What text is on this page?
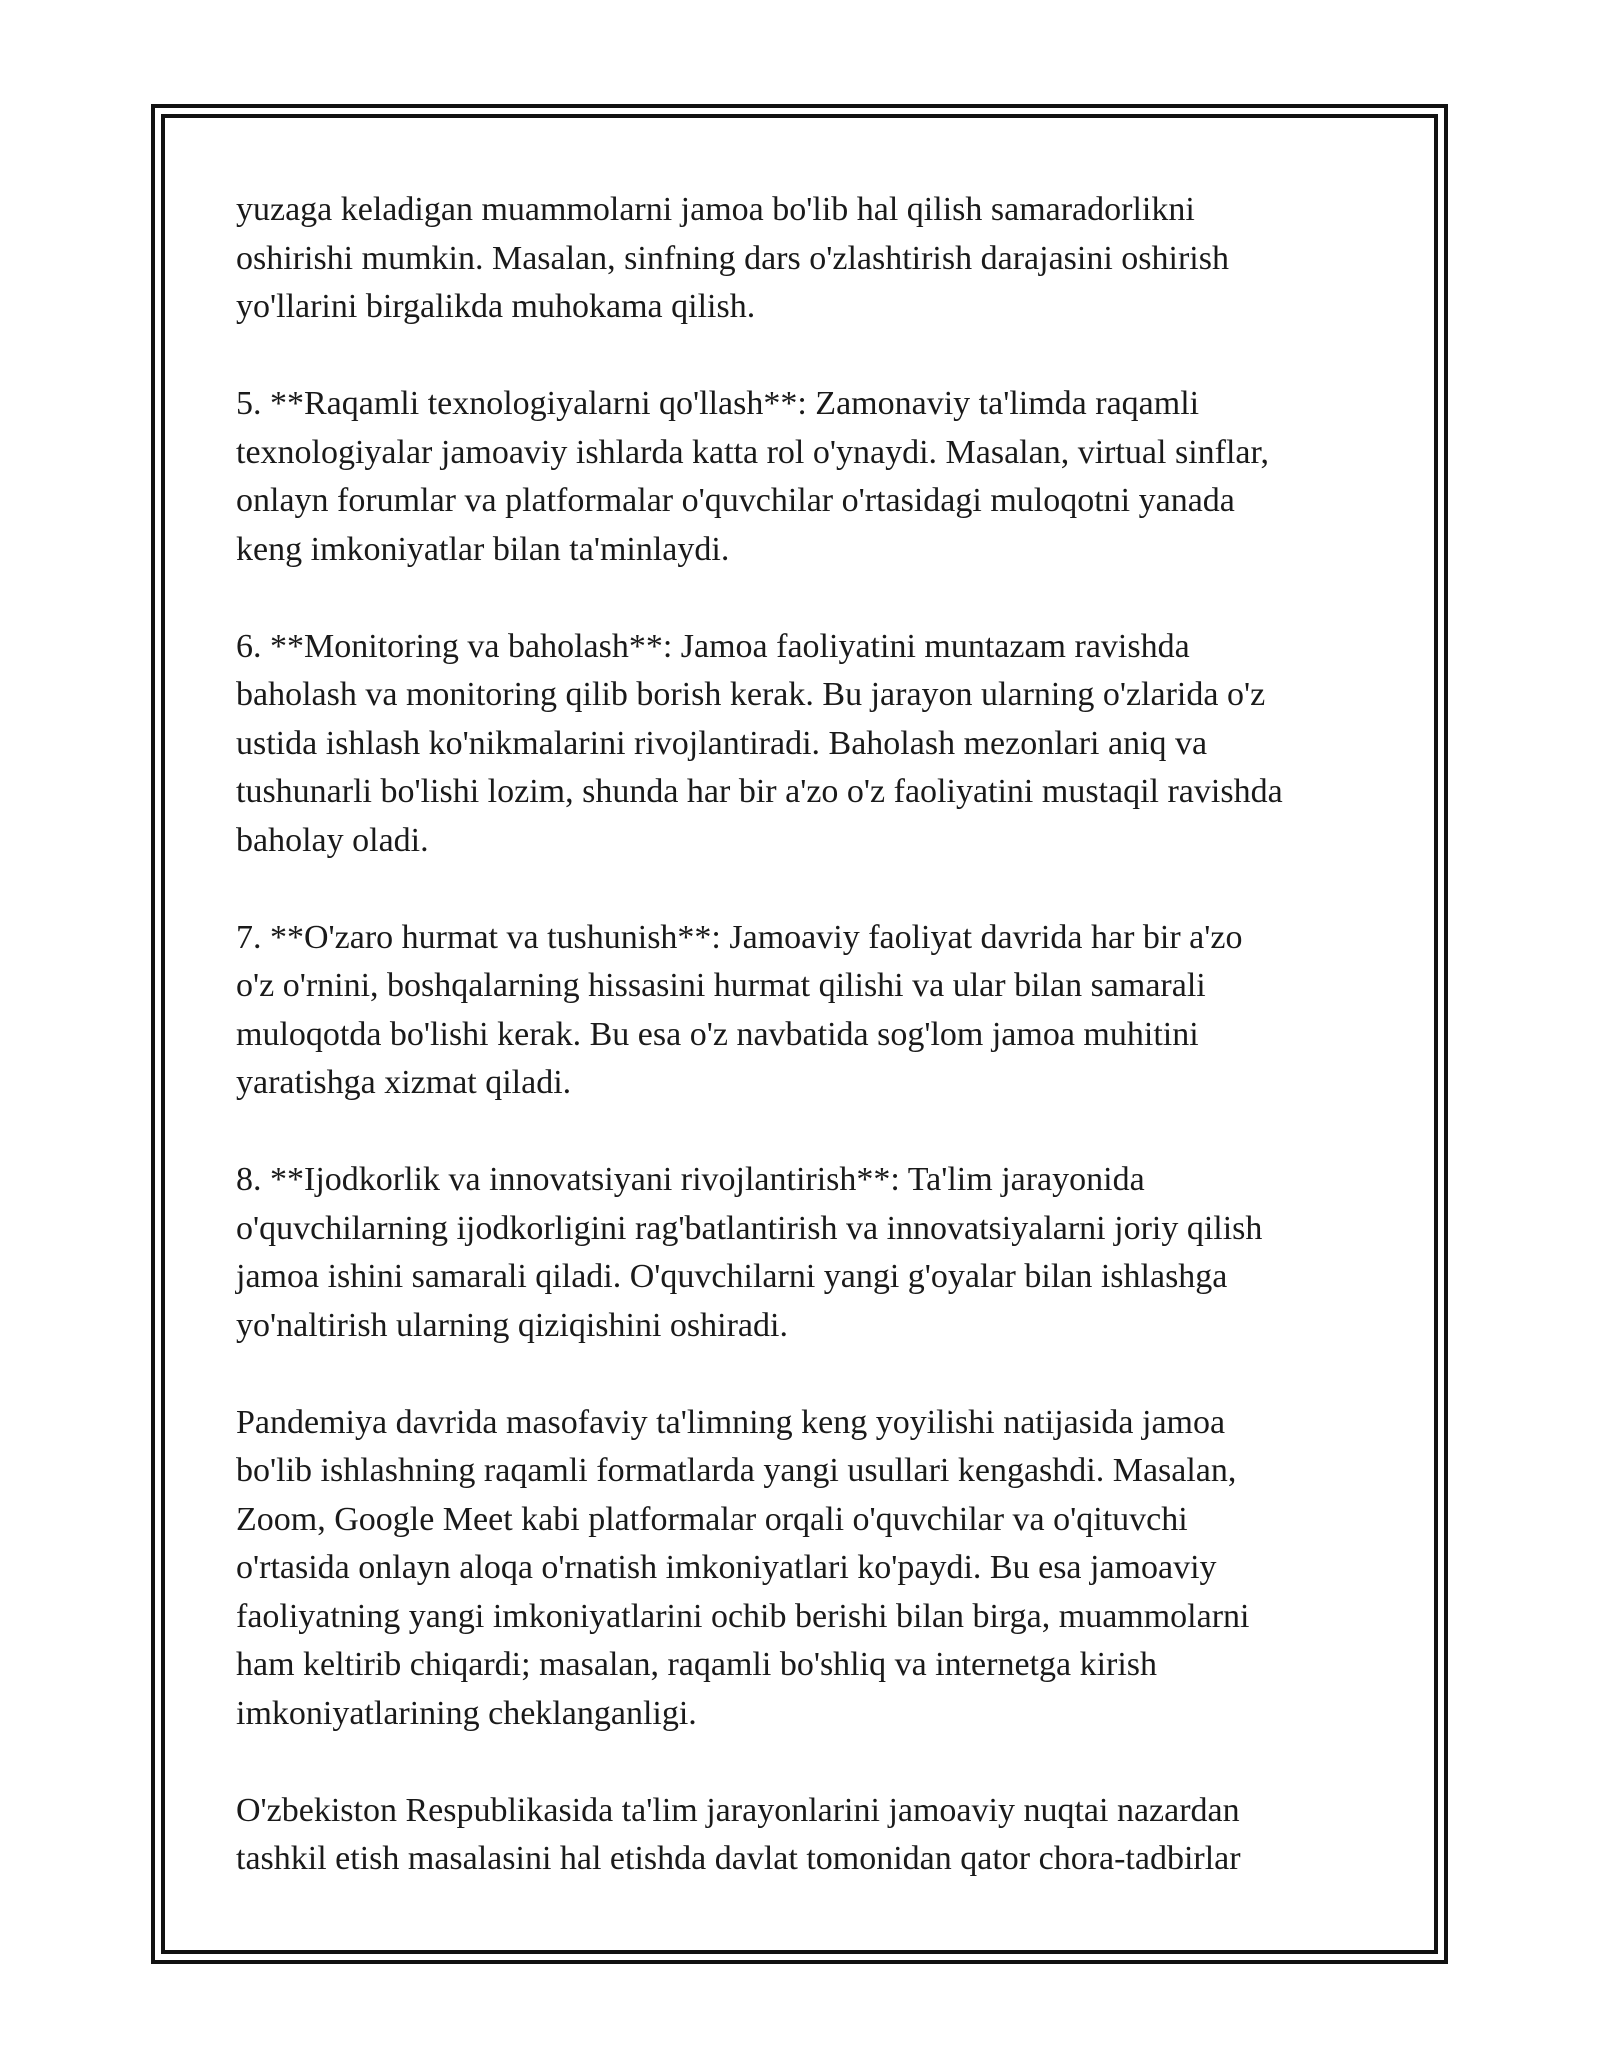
yuzaga keladigan muammolarni jamoa bo'lib hal qilish samaradorlikni
oshirishi mumkin. Masalan, sinfning dars o'zlashtirish darajasini oshirish
yo'llarini birgalikda muhokama qilish.

5. **Raqamli texnologiyalarni qo'llash**: Zamonaviy ta'limda raqamli
texnologiyalar jamoaviy ishlarda katta rol o'ynaydi. Masalan, virtual sinflar,
onlayn forumlar va platformalar o'quvchilar o'rtasidagi muloqotni yanada
keng imkoniyatlar bilan ta'minlaydi.

6. **Monitoring va baholash**: Jamoa faoliyatini muntazam ravishda
baholash va monitoring qilib borish kerak. Bu jarayon ularning o'zlarida o'z
ustida ishlash ko'nikmalarini rivojlantiradi. Baholash mezonlari aniq va
tushunarli bo'lishi lozim, shunda har bir a'zo o'z faoliyatini mustaqil ravishda
baholay oladi.

7. **O'zaro hurmat va tushunish**: Jamoaviy faoliyat davrida har bir a'zo
o'z o'rnini, boshqalarning hissasini hurmat qilishi va ular bilan samarali
muloqotda bo'lishi kerak. Bu esa o'z navbatida sog'lom jamoa muhitini
yaratishga xizmat qiladi.

8. **Ijodkorlik va innovatsiyani rivojlantirish**: Ta'lim jarayonida
o'quvchilarning ijodkorligini rag'batlantirish va innovatsiyalarni joriy qilish
jamoa ishini samarali qiladi. O'quvchilarni yangi g'oyalar bilan ishlashga
yo'naltirish ularning qiziqishini oshiradi.

Pandemiya davrida masofaviy ta'limning keng yoyilishi natijasida jamoa
bo'lib ishlashning raqamli formatlarda yangi usullari kengashdi. Masalan,
Zoom, Google Meet kabi platformalar orqali o'quvchilar va o'qituvchi
o'rtasida onlayn aloqa o'rnatish imkoniyatlari ko'paydi. Bu esa jamoaviy
faoliyatning yangi imkoniyatlarini ochib berishi bilan birga, muammolarni
ham keltirib chiqardi; masalan, raqamli bo'shliq va internetga kirish
imkoniyatlarining cheklanganligi.

O'zbekiston Respublikasida ta'lim jarayonlarini jamoaviy nuqtai nazardan
tashkil etish masalasini hal etishda davlat tomonidan qator chora-tadbirlar
